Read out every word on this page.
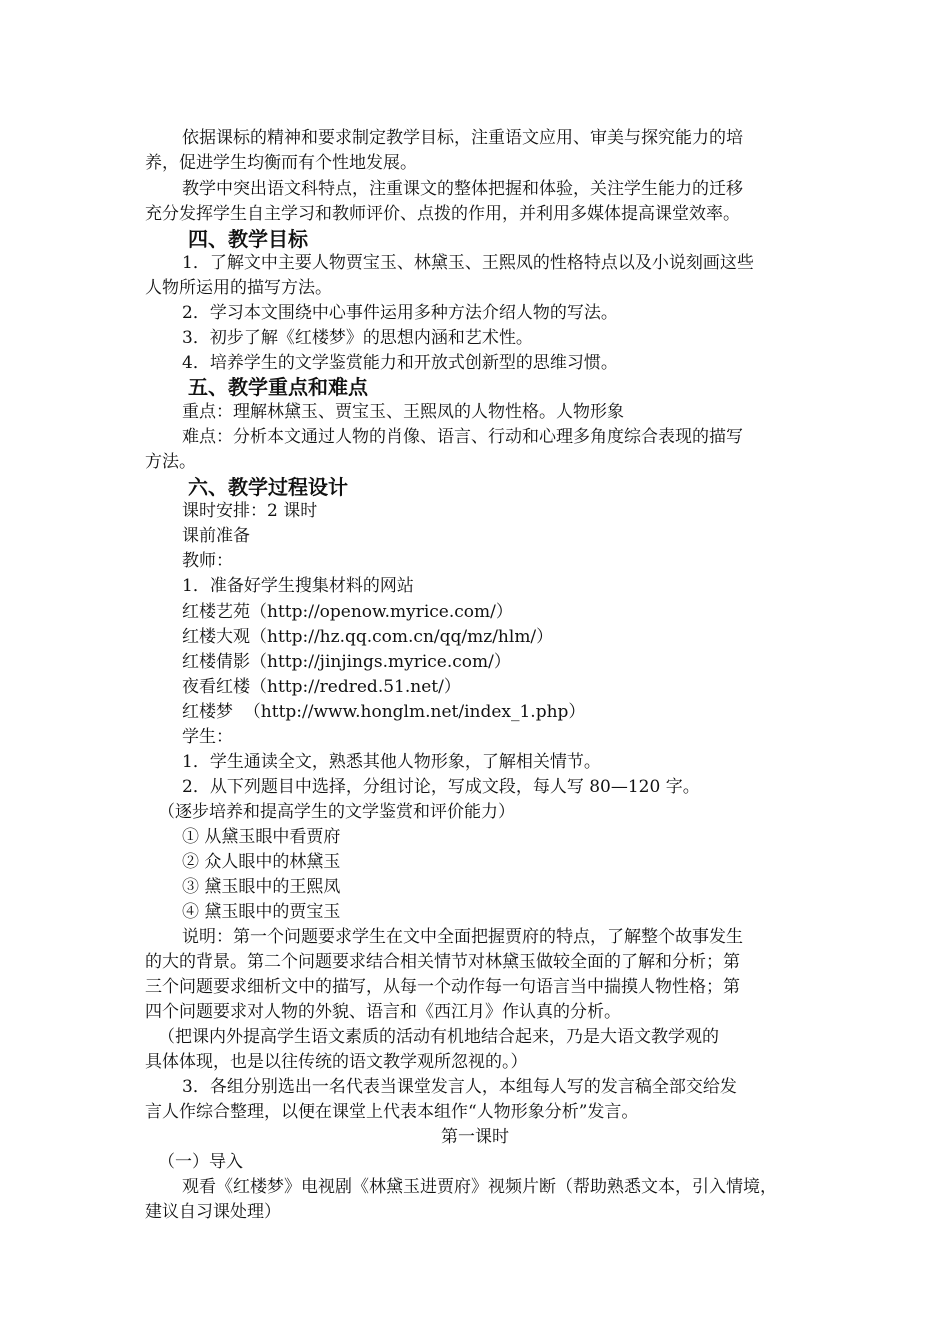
依据课标的精神和要求制定教学目标，注重语文应用、审美与探究能力的培
养，促进学生均衡而有个性地发展。
教学中突出语文科特点，注重课文的整体把握和体验，关注学生能力的迁移
充分发挥学生自主学习和教师评价、点拨的作用，并利用多媒体提高课堂效率。
四、教学目标
1．了解文中主要人物贾宝玉、林黛玉、王熙凤的性格特点以及小说刻画这些
人物所运用的描写方法。
2．学习本文围绕中心事件运用多种方法介绍人物的写法。
3．初步了解《红楼梦》的思想内涵和艺术性。
4．培养学生的文学鉴赏能力和开放式创新型的思维习惯。
五、教学重点和难点
重点：理解林黛玉、贾宝玉、王熙凤的人物性格。人物形象
难点：分析本文通过人物的肖像、语言、行动和心理多角度综合表现的描写
方法。
六、教学过程设计
课时安排：2 课时
课前准备
教师：
1．准备好学生搜集材料的网站
红楼艺苑（http://openow.myrice.com/）
红楼大观（http://hz.qq.com.cn/qq/mz/hlm/）
红楼倩影（http://jinjings.myrice.com/）
夜看红楼（http://redred.51.net/）
红楼梦  （http://www.honglm.net/index_1.php）
学生：
1．学生通读全文，熟悉其他人物形象，了解相关情节。
2．从下列题目中选择，分组讨论，写成文段，每人写 80—120 字。
（逐步培养和提高学生的文学鉴赏和评价能力）
① 从黛玉眼中看贾府
② 众人眼中的林黛玉
③ 黛玉眼中的王熙凤
④ 黛玉眼中的贾宝玉
说明：第一个问题要求学生在文中全面把握贾府的特点，了解整个故事发生
的大的背景。第二个问题要求结合相关情节对林黛玉做较全面的了解和分析；第
三个问题要求细析文中的描写，从每一个动作每一句语言当中揣摸人物性格；第
四个问题要求对人物的外貌、语言和《西江月》作认真的分析。
（把课内外提高学生语文素质的活动有机地结合起来，乃是大语文教学观的
具体体现，也是以往传统的语文教学观所忽视的。）
3．各组分别选出一名代表当课堂发言人，本组每人写的发言稿全部交给发
言人作综合整理，以便在课堂上代表本组作“人物形象分析”发言。
第一课时
（一）导入
观看《红楼梦》电视剧《林黛玉进贾府》视频片断（帮助熟悉文本，引入情境，
建议自习课处理）
